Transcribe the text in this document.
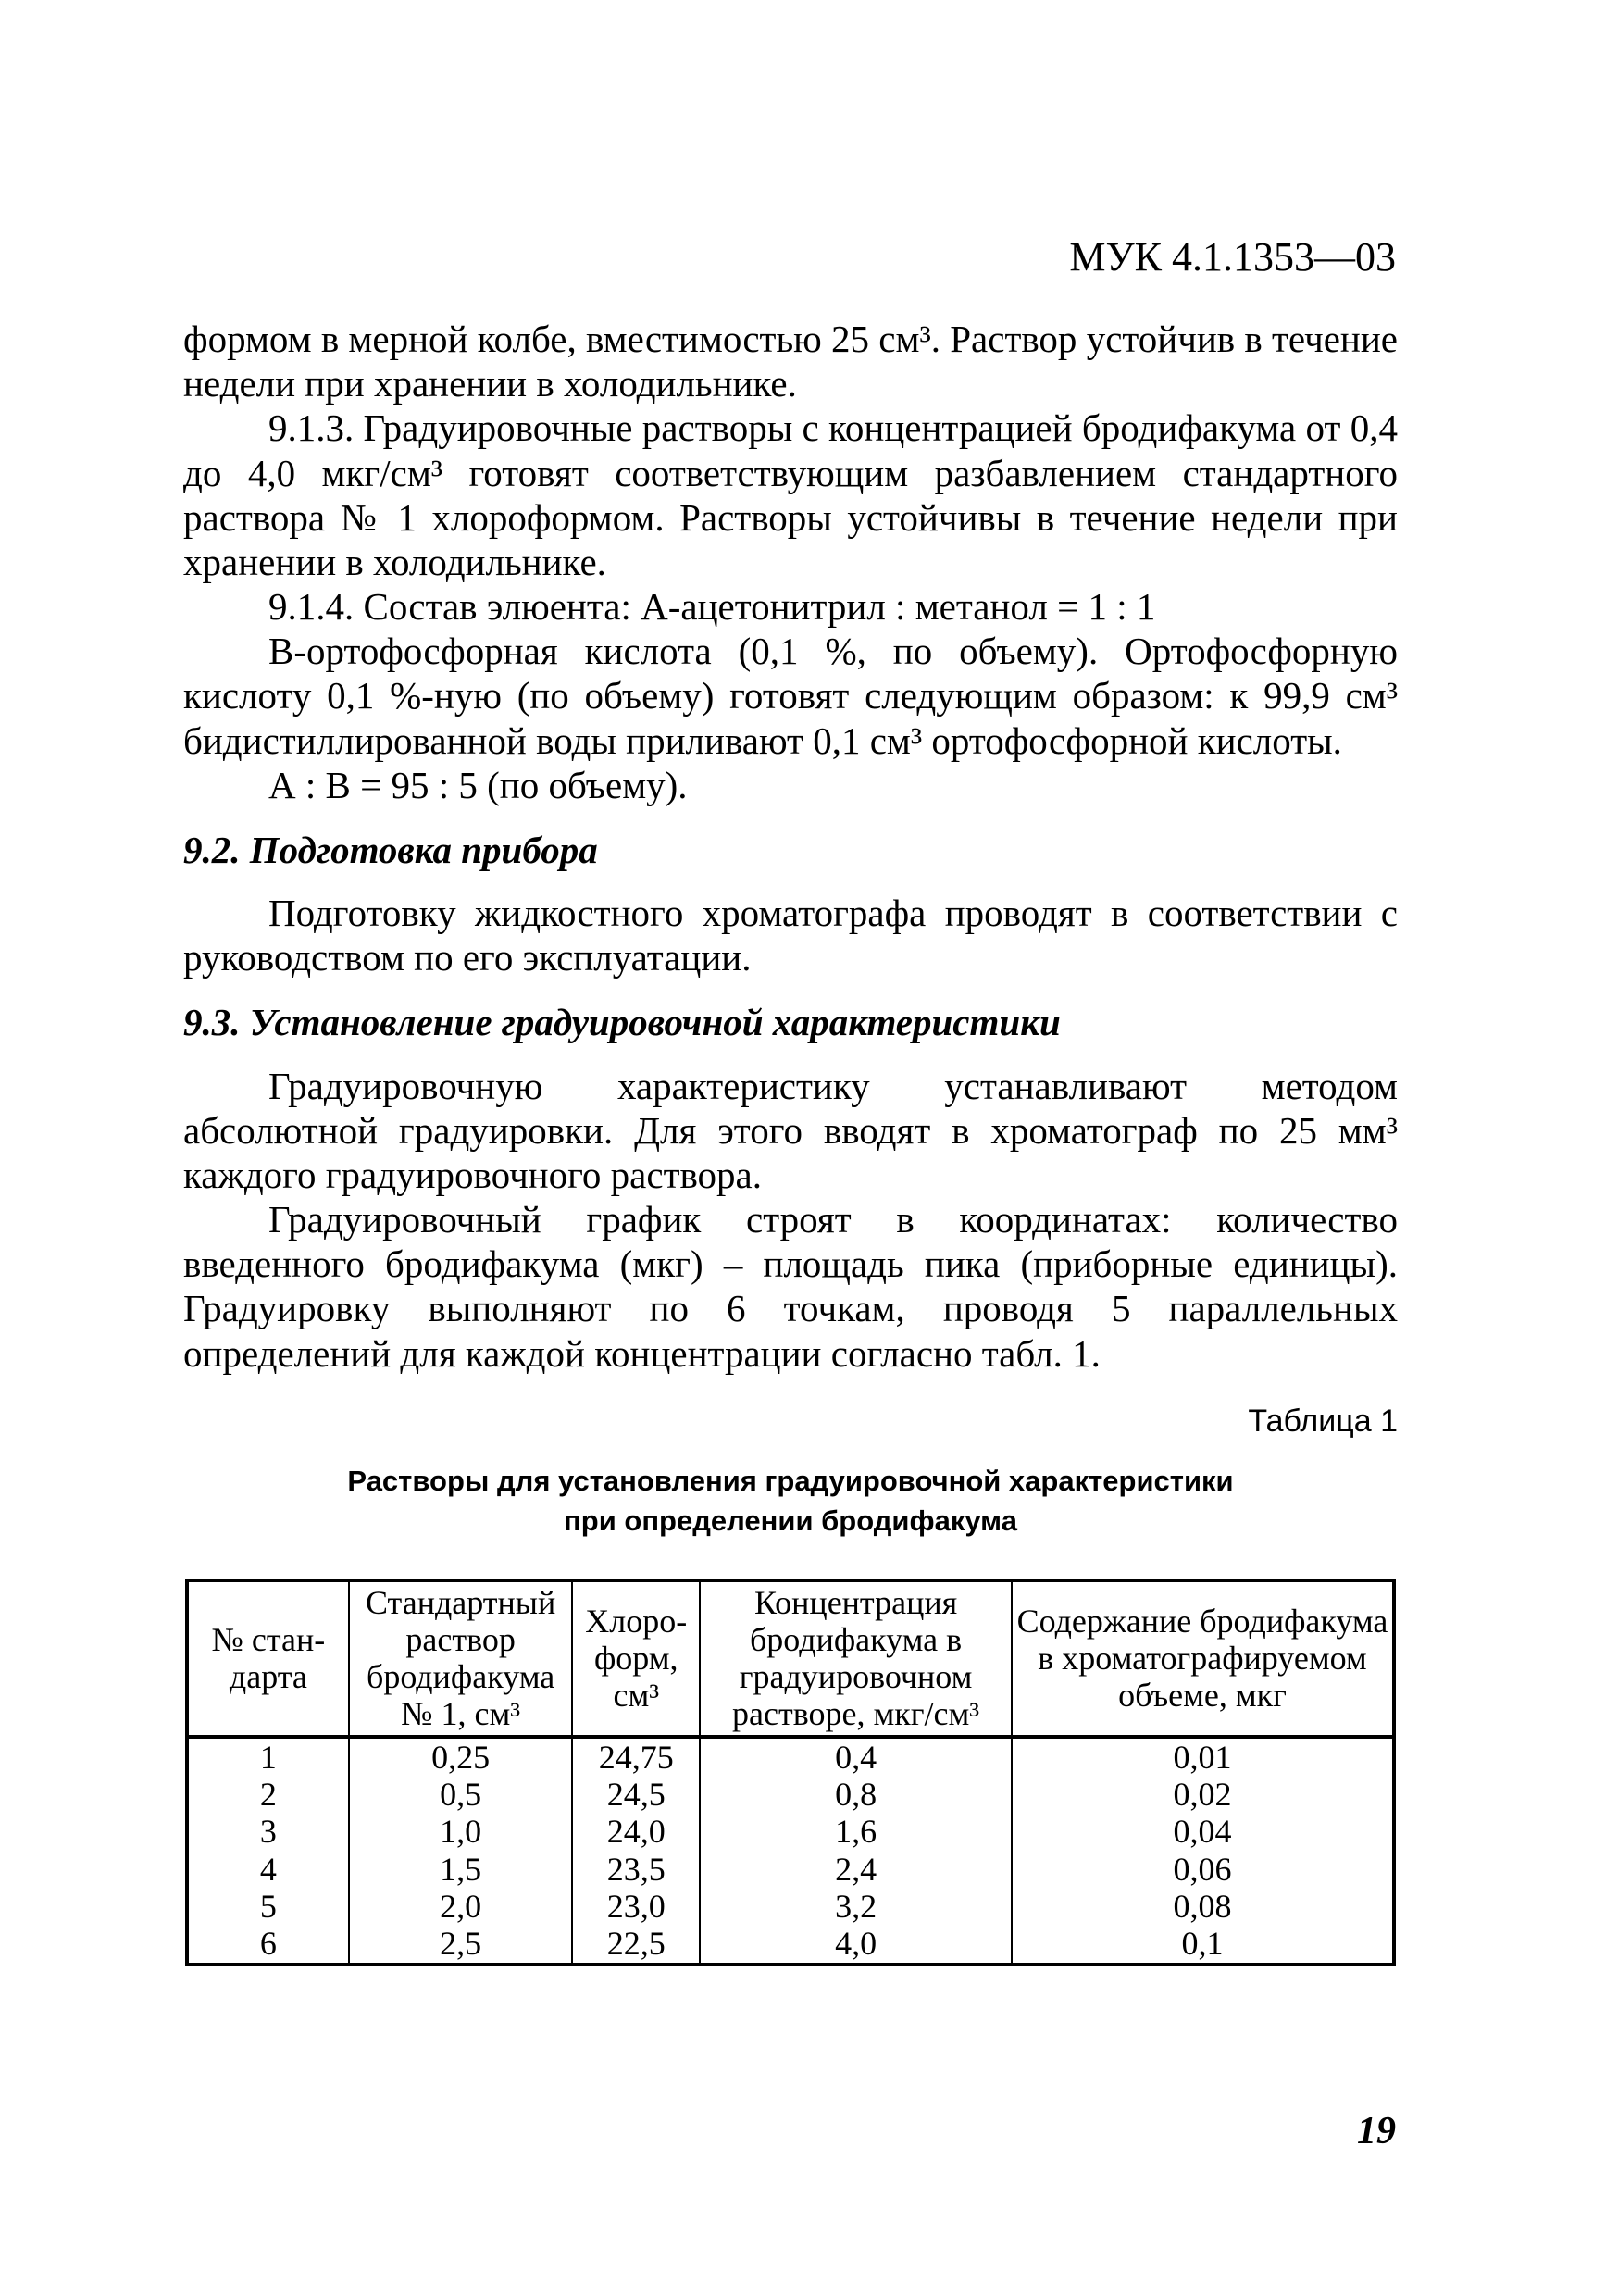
МУК 4.1.1353—03

формом в мерной колбе, вместимостью 25 см³. Раствор устойчив в течение недели при хранении в холодильнике.

9.1.3. Градуировочные растворы с концентрацией бродифакума от 0,4 до 4,0 мкг/см³ готовят соответствующим разбавлением стандартного раствора № 1 хлороформом. Растворы устойчивы в течение недели при хранении в холодильнике.

9.1.4. Состав элюента: А-ацетонитрил : метанол = 1 : 1

В-ортофосфорная кислота (0,1 %, по объему). Ортофосфорную кислоту 0,1 %-ную (по объему) готовят следующим образом: к 99,9 см³ бидистиллированной воды приливают 0,1 см³ ортофосфорной кислоты.

А : В = 95 : 5 (по объему).

9.2. Подготовка прибора

Подготовку жидкостного хроматографа проводят в соответствии с руководством по его эксплуатации.

9.3. Установление градуировочной характеристики

Градуировочную характеристику устанавливают методом абсолютной градуировки. Для этого вводят в хроматограф по 25 мм³ каждого градуировочного раствора.

Градуировочный график строят в координатах: количество введенного бродифакума (мкг) – площадь пика (приборные единицы). Градуировку выполняют по 6 точкам, проводя 5 параллельных определений для каждой концентрации согласно табл. 1.

Таблица 1

Растворы для установления градуировочной характеристики
при определении бродифакума

№ стан-дарта	Стандартный раствор бродифакума № 1, см³	Хлоро-форм, см³	Концентрация бродифакума в градуировочном растворе, мкг/см³	Содержание бродифакума в хроматографируемом объеме, мкг
1	0,25	24,75	0,4	0,01
2	0,5	24,5	0,8	0,02
3	1,0	24,0	1,6	0,04
4	1,5	23,5	2,4	0,06
5	2,0	23,0	3,2	0,08
6	2,5	22,5	4,0	0,1
19
